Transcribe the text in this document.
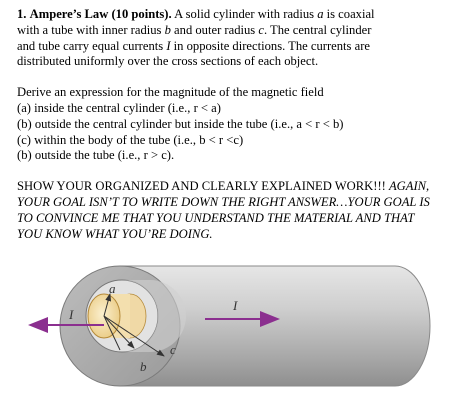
1. Ampere’s Law (10 points). A solid cylinder with radius a is coaxial
with a tube with inner radius b and outer radius c. The central cylinder
and tube carry equal currents I in opposite directions. The currents are
distributed uniformly over the cross sections of each object.

Derive an expression for the magnitude of the magnetic field
(a) inside the central cylinder (i.e., r < a)
(b) outside the central cylinder but inside the tube (i.e., a < r < b)
(c) within the body of the tube (i.e., b < r <c)
(b) outside the tube (i.e., r > c).

SHOW YOUR ORGANIZED AND CLEARLY EXPLAINED WORK!!! AGAIN,
YOUR GOAL ISN’T TO WRITE DOWN THE RIGHT ANSWER…YOUR GOAL IS
TO CONVINCE ME THAT YOU UNDERSTAND THE MATERIAL AND THAT
YOU KNOW WHAT YOU’RE DOING.

a
b
c
I
I
